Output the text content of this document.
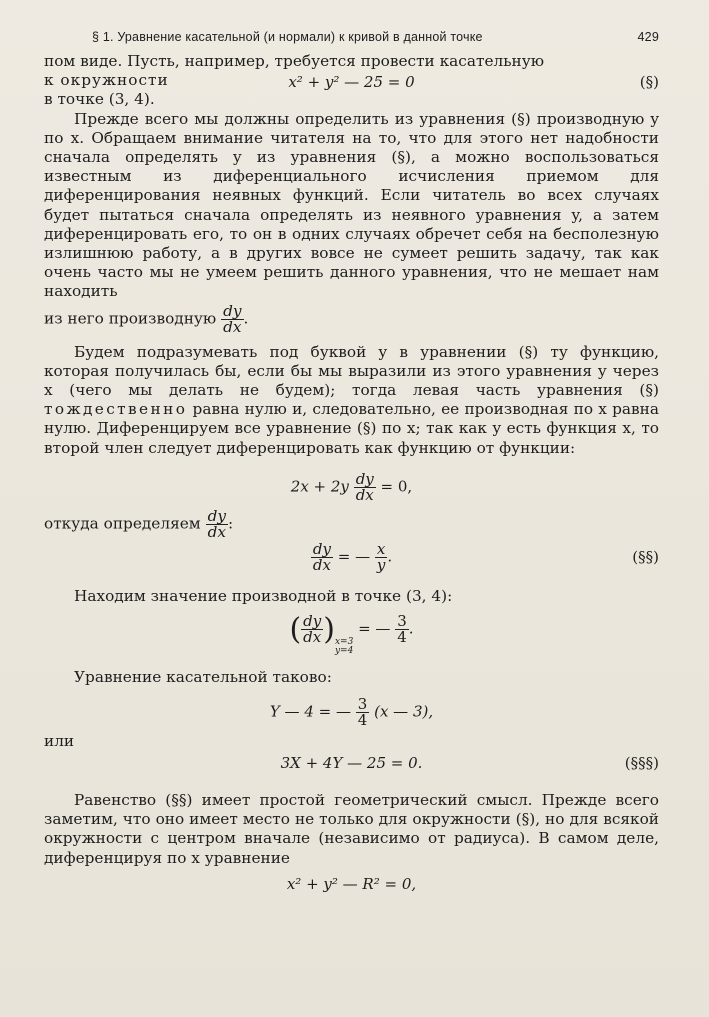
§ 1. Уравнение касательной (и нормали) к кривой в данной точке	429

пом виде. Пусть, например, требуется провести касательную

к окружности	x² + y² — 25 = 0	(§)

в точке (3, 4).

Прежде всего мы должны определить из уравнения (§) производную y по x. Обращаем внимание читателя на то, что для этого нет надобности сначала определять y из уравнения (§), а можно воспользоваться известным из диференциального исчисления приемом для диференцирования неявных функций. Если читатель во всех случаях будет пытаться сначала определять из неявного уравнения y, а затем диференцировать его, то он в одних случаях обречет себя на бесполезную излишнюю работу, а в других вовсе не сумеет решить задачу, так как очень часто мы не умеем решить данного уравнения, что не мешает нам находить

из него производную $\frac{dy}{dx}$ .

Будем подразумевать под буквой y в уравнении (§) ту функцию, которая получилась бы, если бы мы выразили из этого уравнения y через x (чего мы делать не будем); тогда левая часть уравнения (§) тождественно равна нулю и, следовательно, ее производная по x равна нулю. Диференцируем все уравнение (§) по x; так как y есть функция x, то второй член следует диференцировать как функцию от функции:

$2x + 2y \frac{dy}{dx} = 0$,
откуда определяем $\frac{dy}{dx}$ :
$\frac{dy}{dx}$ = — $\frac{x}{y}$ .	(§§)

Находим значение производной в точке (3, 4):

( $\frac{dy}{dx}$ ) x=3
y=4
= — $\frac{3}{4}$ .

Уравнение касательной таково:

Y — 4 = — $\frac{3}{4} (x$ — 3),

или

3X + 4Y — 25 = 0.	(§§§)

Равенство (§§) имеет простой геометрический смысл. Прежде всего заметим, что оно имеет место не только для окружности (§), но для всякой окружности с центром вначале (независимо от радиуса). В самом деле, диференцируя по x уравнение

x² + y² — R² = 0,
